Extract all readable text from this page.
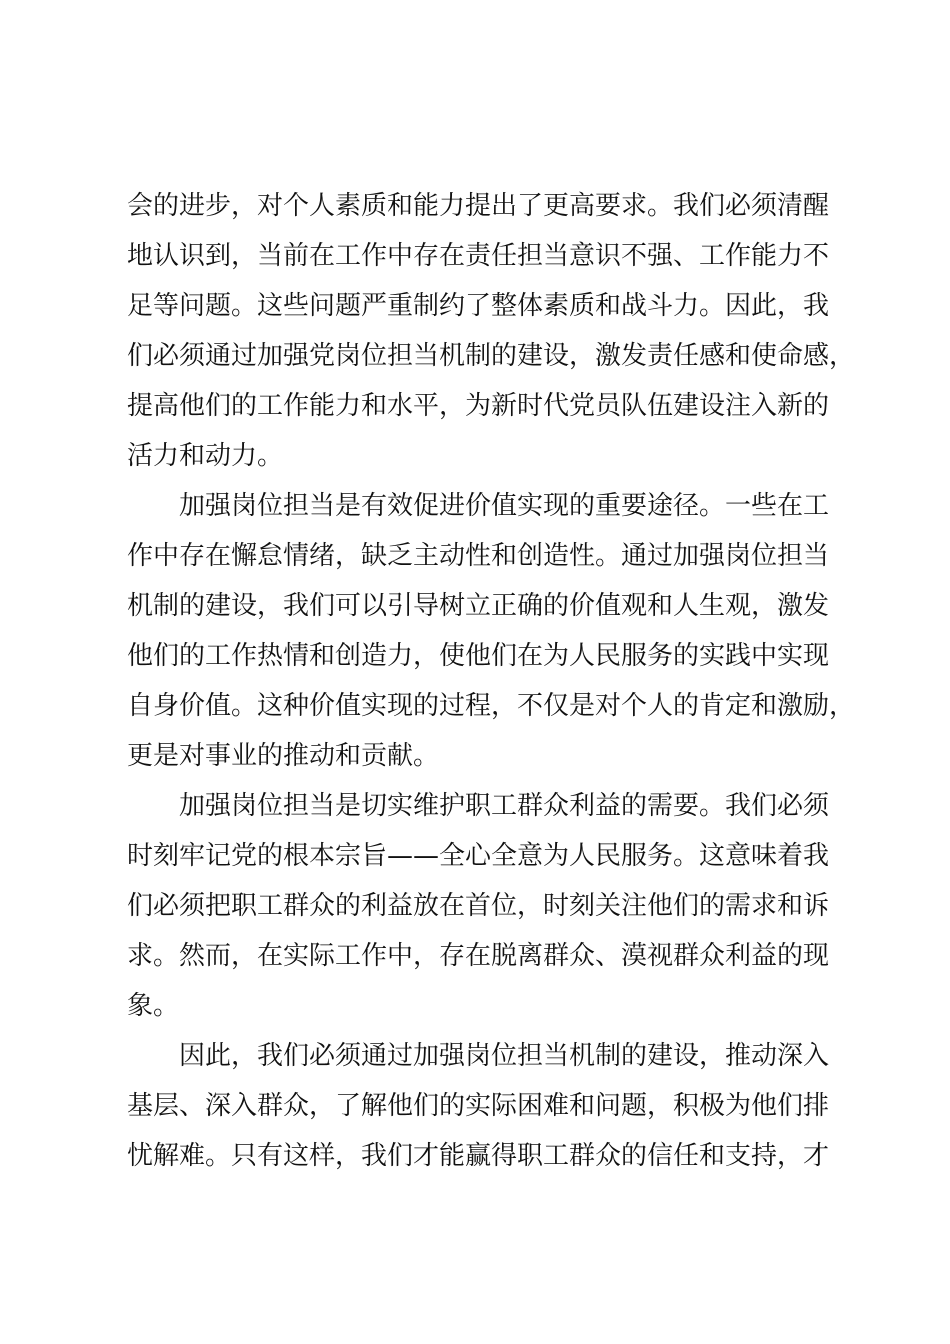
会的进步，对个人素质和能力提出了更高要求。我们必须清醒
地认识到，当前在工作中存在责任担当意识不强、工作能力不
足等问题。这些问题严重制约了整体素质和战斗力。因此，我
们必须通过加强党岗位担当机制的建设，激发责任感和使命感，
提高他们的工作能力和水平，为新时代党员队伍建设注入新的
活力和动力。
加强岗位担当是有效促进价值实现的重要途径。一些在工
作中存在懈怠情绪，缺乏主动性和创造性。通过加强岗位担当
机制的建设，我们可以引导树立正确的价值观和人生观，激发
他们的工作热情和创造力，使他们在为人民服务的实践中实现
自身价值。这种价值实现的过程，不仅是对个人的肯定和激励，
更是对事业的推动和贡献。
加强岗位担当是切实维护职工群众利益的需要。我们必须
时刻牢记党的根本宗旨——全心全意为人民服务。这意味着我
们必须把职工群众的利益放在首位，时刻关注他们的需求和诉
求。然而，在实际工作中，存在脱离群众、漠视群众利益的现
象。
因此，我们必须通过加强岗位担当机制的建设，推动深入
基层、深入群众，了解他们的实际困难和问题，积极为他们排
忧解难。只有这样，我们才能赢得职工群众的信任和支持，才
